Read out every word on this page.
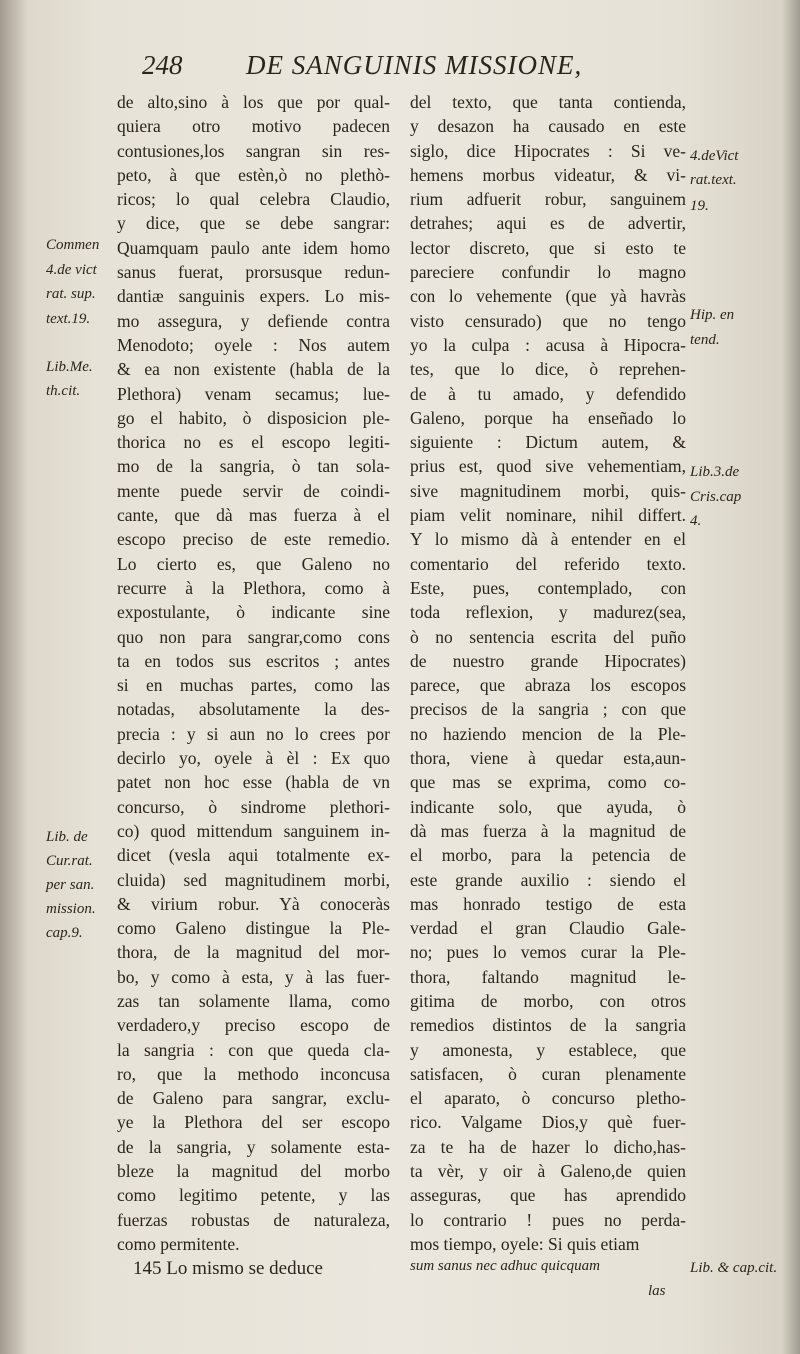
248 DE SANGUINIS MISSIONE,
de alto,sino à los que por qual-
quiera otro motivo padecen
contusiones,los sangran sin res-
peto, à que estèn,ò no plethò-
ricos; lo qual celebra Claudio,
y dice, que se debe sangrar:
Quamquam paulo ante idem homo
sanus fuerat, prorsusque redun-
dantiæ sanguinis expers. Lo mis-
mo assegura, y defiende contra
Menodoto; oyele : Nos autem
& ea non existente (habla de la
Plethora) venam secamus; lue-
go el habito, ò disposicion ple-
thorica no es el escopo legiti-
mo de la sangria, ò tan sola-
mente puede servir de coindi-
cante, que dà mas fuerza à el
escopo preciso de este remedio.
Lo cierto es, que Galeno no
recurre à la Plethora, como à
expostulante, ò indicante sine
quo non para sangrar,como cons
ta en todos sus escritos ; antes
si en muchas partes, como las
notadas, absolutamente la des-
precia : y si aun no lo crees por
decirlo yo, oyele à èl : Ex quo
patet non hoc esse (habla de vn
concurso, ò sindrome plethori-
co) quod mittendum sanguinem in-
dicet (vesla aqui totalmente ex-
cluida) sed magnitudinem morbi,
& virium robur. Yà conoceràs
como Galeno distingue la Ple-
thora, de la magnitud del mor-
bo, y como à esta, y à las fuer-
zas tan solamente llama, como
verdadero,y preciso escopo de
la sangria : con que queda cla-
ro, que la methodo inconcusa
de Galeno para sangrar, exclu-
ye la Plethora del ser escopo
de la sangria, y solamente esta-
bleze la magnitud del morbo
como legitimo petente, y las
fuerzas robustas de naturaleza,
como permitente.
del texto, que tanta contienda,
y desazon ha causado en este
siglo, dice Hipocrates : Si ve-
hemens morbus videatur, & vi-
rium adfuerit robur, sanguinem
detrahes; aqui es de advertir,
lector discreto, que si esto te
pareciere confundir lo magno
con lo vehemente (que yà havràs
visto censurado) que no tengo
yo la culpa : acusa à Hipocra-
tes, que lo dice, ò reprehen-
de à tu amado, y defendido
Galeno, porque ha enseñado lo
siguiente : Dictum autem, &
prius est, quod sive vehementiam,
sive magnitudinem morbi, quis-
piam velit nominare, nihil differt.
Y lo mismo dà à entender en el
comentario del referido texto.
Este, pues, contemplado, con
toda reflexion, y madurez(sea,
ò no sentencia escrita del puño
de nuestro grande Hipocrates)
parece, que abraza los escopos
precisos de la sangria ; con que
no haziendo mencion de la Ple-
thora, viene à quedar esta,aun-
que mas se exprima, como co-
indicante solo, que ayuda, ò
dà mas fuerza à la magnitud de
el morbo, para la petencia de
este grande auxilio : siendo el
mas honrado testigo de esta
verdad el gran Claudio Gale-
no; pues lo vemos curar la Ple-
thora, faltando magnitud le-
gitima de morbo, con otros
remedios distintos de la sangria
y amonesta, y establece, que
satisfacen, ò curan plenamente
el aparato, ò concurso pletho-
rico. Valgame Dios,y què fuer-
za te ha de hazer lo dicho,has-
ta vèr, y oir à Galeno,de quien
asseguras, que has aprendido
lo contrario ! pues no perda-
mos tiempo, oyele: Si quis etiam
Commen
4.de vict
rat. sup.
text.19.
Lib.Me.
th.cit.
Lib. de
Cur.rat.
per san.
mission.
cap.9.
4.deVict
rat.text.
19.
Hip. en
tend.
Lib.3.de
Cris.cap
4.
145 Lo mismo se deduce	sum sanus nec adhuc quicquam	Lib. & cap.cit.
las
